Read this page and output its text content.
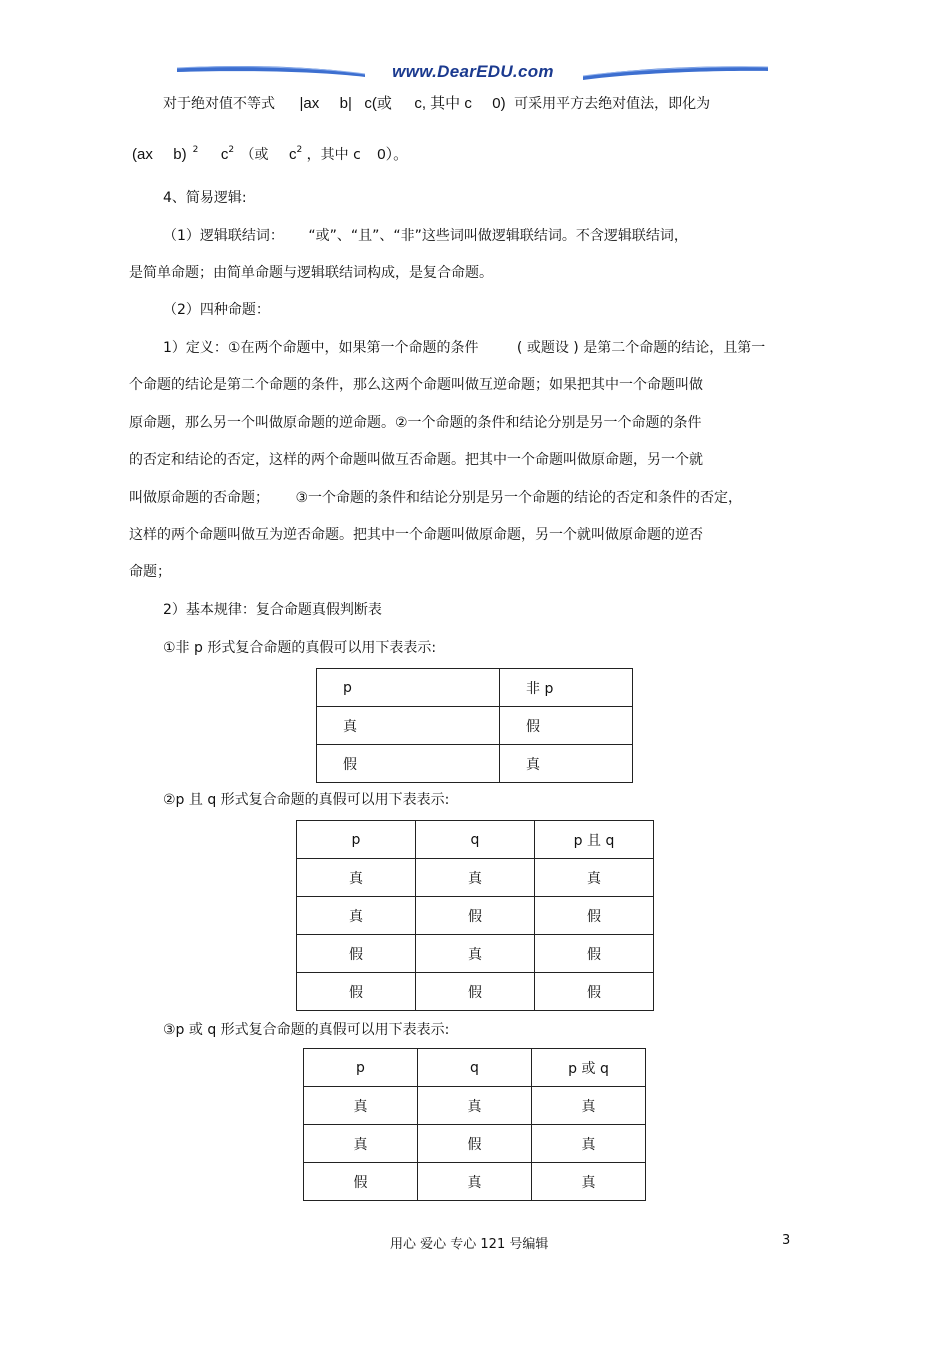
www.DearEDU.com
对于绝对值不等式 |ax b| c(或 c, 其中 c 0) 可采用平方去绝对值法，即化为
(ax b) $^2$ $c^2$ （或 $c^2$ ，其中 c 0）。
4、简易逻辑:
（1）逻辑联结词： “或”、“且”、“非”这些词叫做逻辑联结词。不含逻辑联结词，
是简单命题；由简单命题与逻辑联结词构成，是复合命题。
（2）四种命题：
1）定义：①在两个命题中，如果第一个命题的条件	( 或题设 ) 是第二个命题的结论，且第一
个命题的结论是第二个命题的条件，那么这两个命题叫做互逆命题；如果把其中一个命题叫做
原命题，那么另一个叫做原命题的逆命题。②一个命题的条件和结论分别是另一个命题的条件
的否定和结论的否定，这样的两个命题叫做互否命题。把其中一个命题叫做原命题，另一个就
叫做原命题的否命题； ③一个命题的条件和结论分别是另一个命题的结论的否定和条件的否定，
这样的两个命题叫做互为逆否命题。把其中一个命题叫做原命题，另一个就叫做原命题的逆否
命题；
2）基本规律：复合命题真假判断表
①非 p 形式复合命题的真假可以用下表表示:
p	非 p
真	假
假	真
②p 且 q 形式复合命题的真假可以用下表表示:
p	q	p 且 q
真	真	真
真	假	假
假	真	假
假	假	假
③p 或 q 形式复合命题的真假可以用下表表示:
p	q	p 或 q
真	真	真
真	假	真
假	真	真
用心 爱心 专心 121 号编辑	3
